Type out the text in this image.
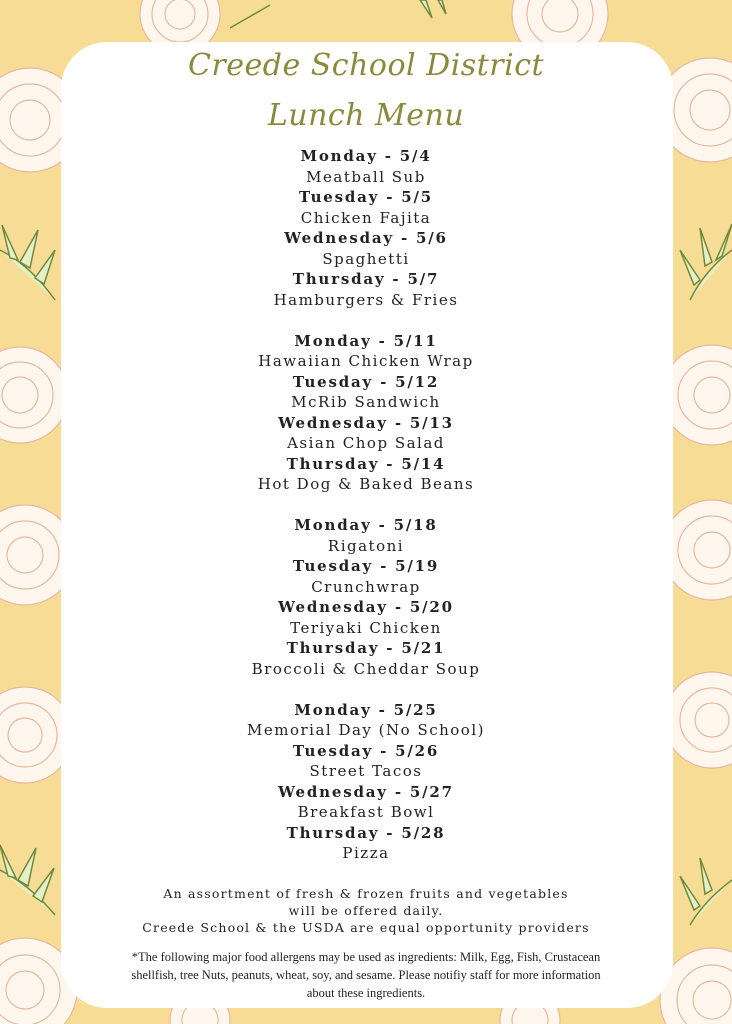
Creede School District
Lunch Menu
Monday - 5/4
Meatball Sub
Tuesday - 5/5
Chicken Fajita
Wednesday - 5/6
Spaghetti
Thursday - 5/7
Hamburgers & Fries
Monday - 5/11
Hawaiian Chicken Wrap
Tuesday - 5/12
McRib Sandwich
Wednesday - 5/13
Asian Chop Salad
Thursday - 5/14
Hot Dog & Baked Beans
Monday - 5/18
Rigatoni
Tuesday - 5/19
Crunchwrap
Wednesday - 5/20
Teriyaki Chicken
Thursday - 5/21
Broccoli & Cheddar Soup
Monday - 5/25
Memorial Day (No School)
Tuesday - 5/26
Street Tacos
Wednesday - 5/27
Breakfast Bowl
Thursday - 5/28
Pizza
An assortment of fresh & frozen fruits and vegetables
will be offered daily.
Creede School & the USDA are equal opportunity providers
*The following major food allergens may be used as ingredients: Milk, Egg, Fish, Crustacean shellfish, tree Nuts, peanuts, wheat, soy, and sesame. Please notifiy staff for more information about these ingredients.
